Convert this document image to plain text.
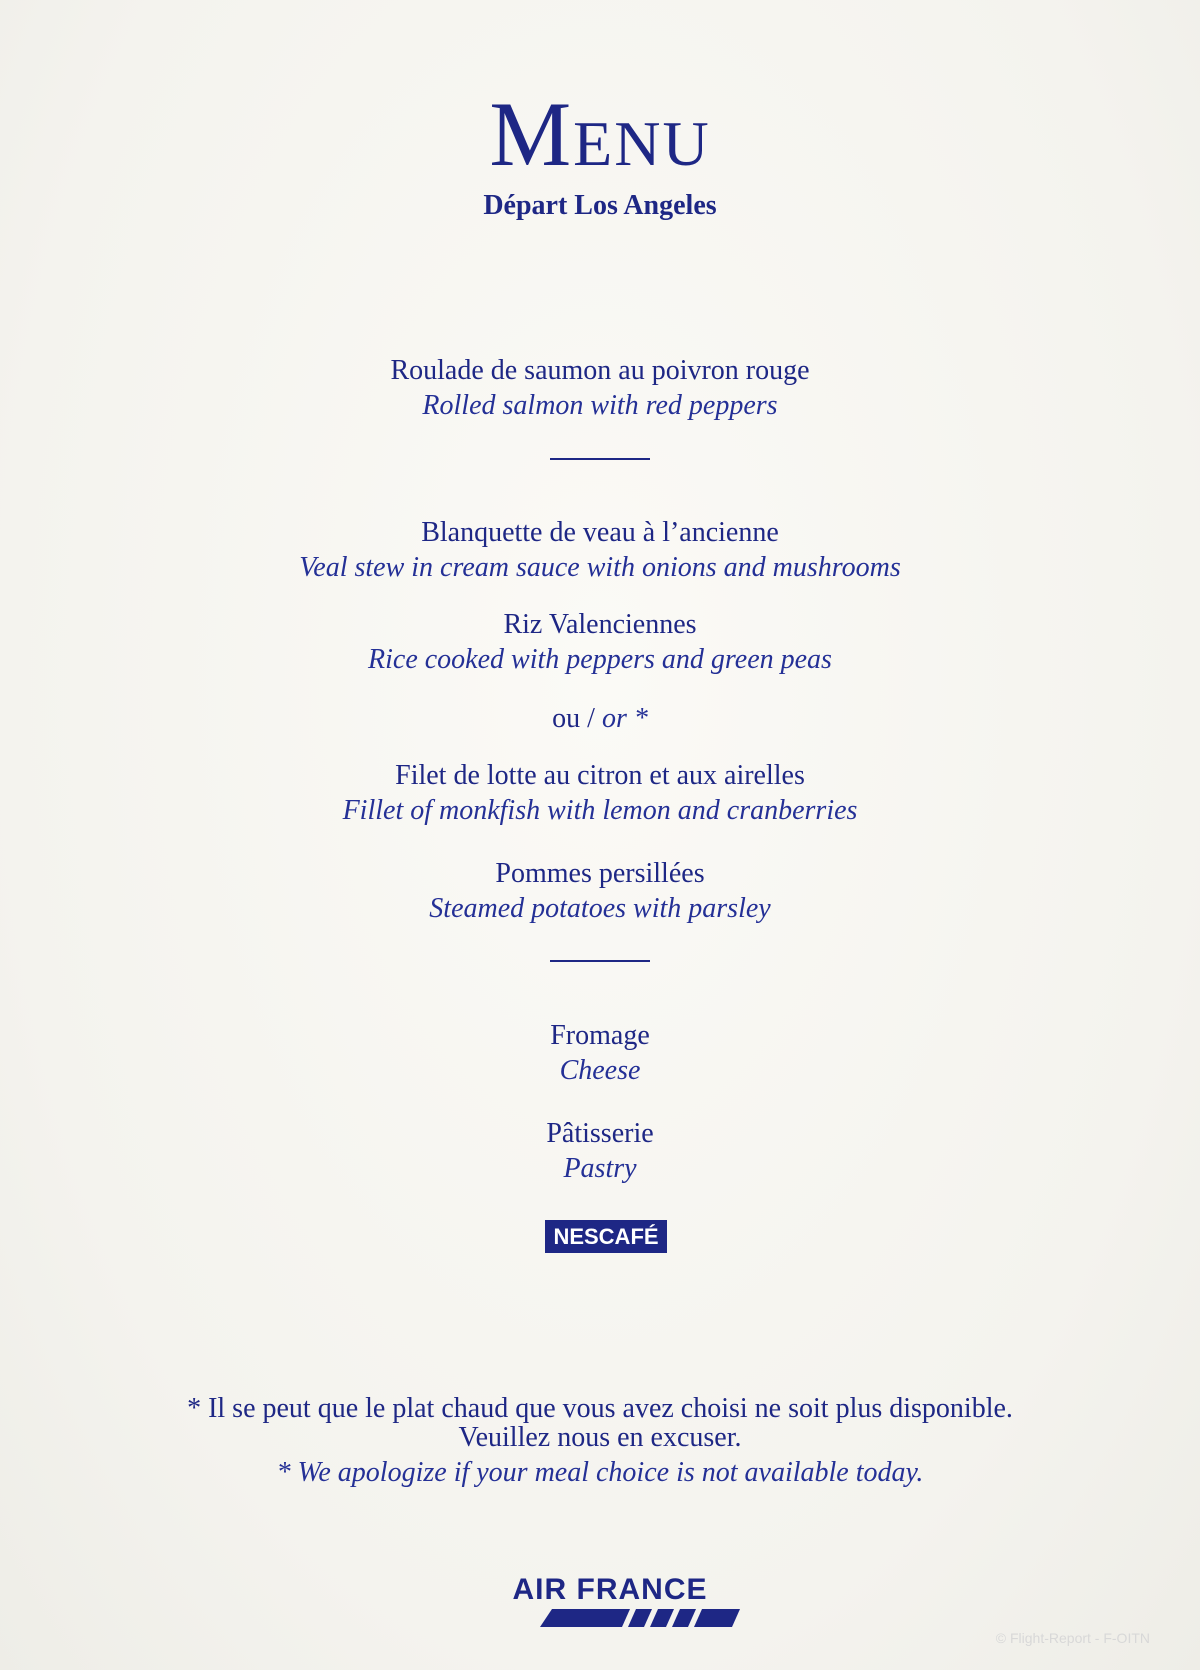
Menu
Départ Los Angeles
Roulade de saumon au poivron rouge
Rolled salmon with red peppers
Blanquette de veau à l’ancienne
Veal stew in cream sauce with onions and mushrooms
Riz Valenciennes
Rice cooked with peppers and green peas
ou / or *
Filet de lotte au citron et aux airelles
Fillet of monkfish with lemon and cranberries
Pommes persillées
Steamed potatoes with parsley
Fromage
Cheese
Pâtisserie
Pastry
NESCAFÉ
* Il se peut que le plat chaud que vous avez choisi ne soit plus disponible.
Veuillez nous en excuser.
* We apologize if your meal choice is not available today.
AIR FRANCE
© Flight-Report - F-OITN
